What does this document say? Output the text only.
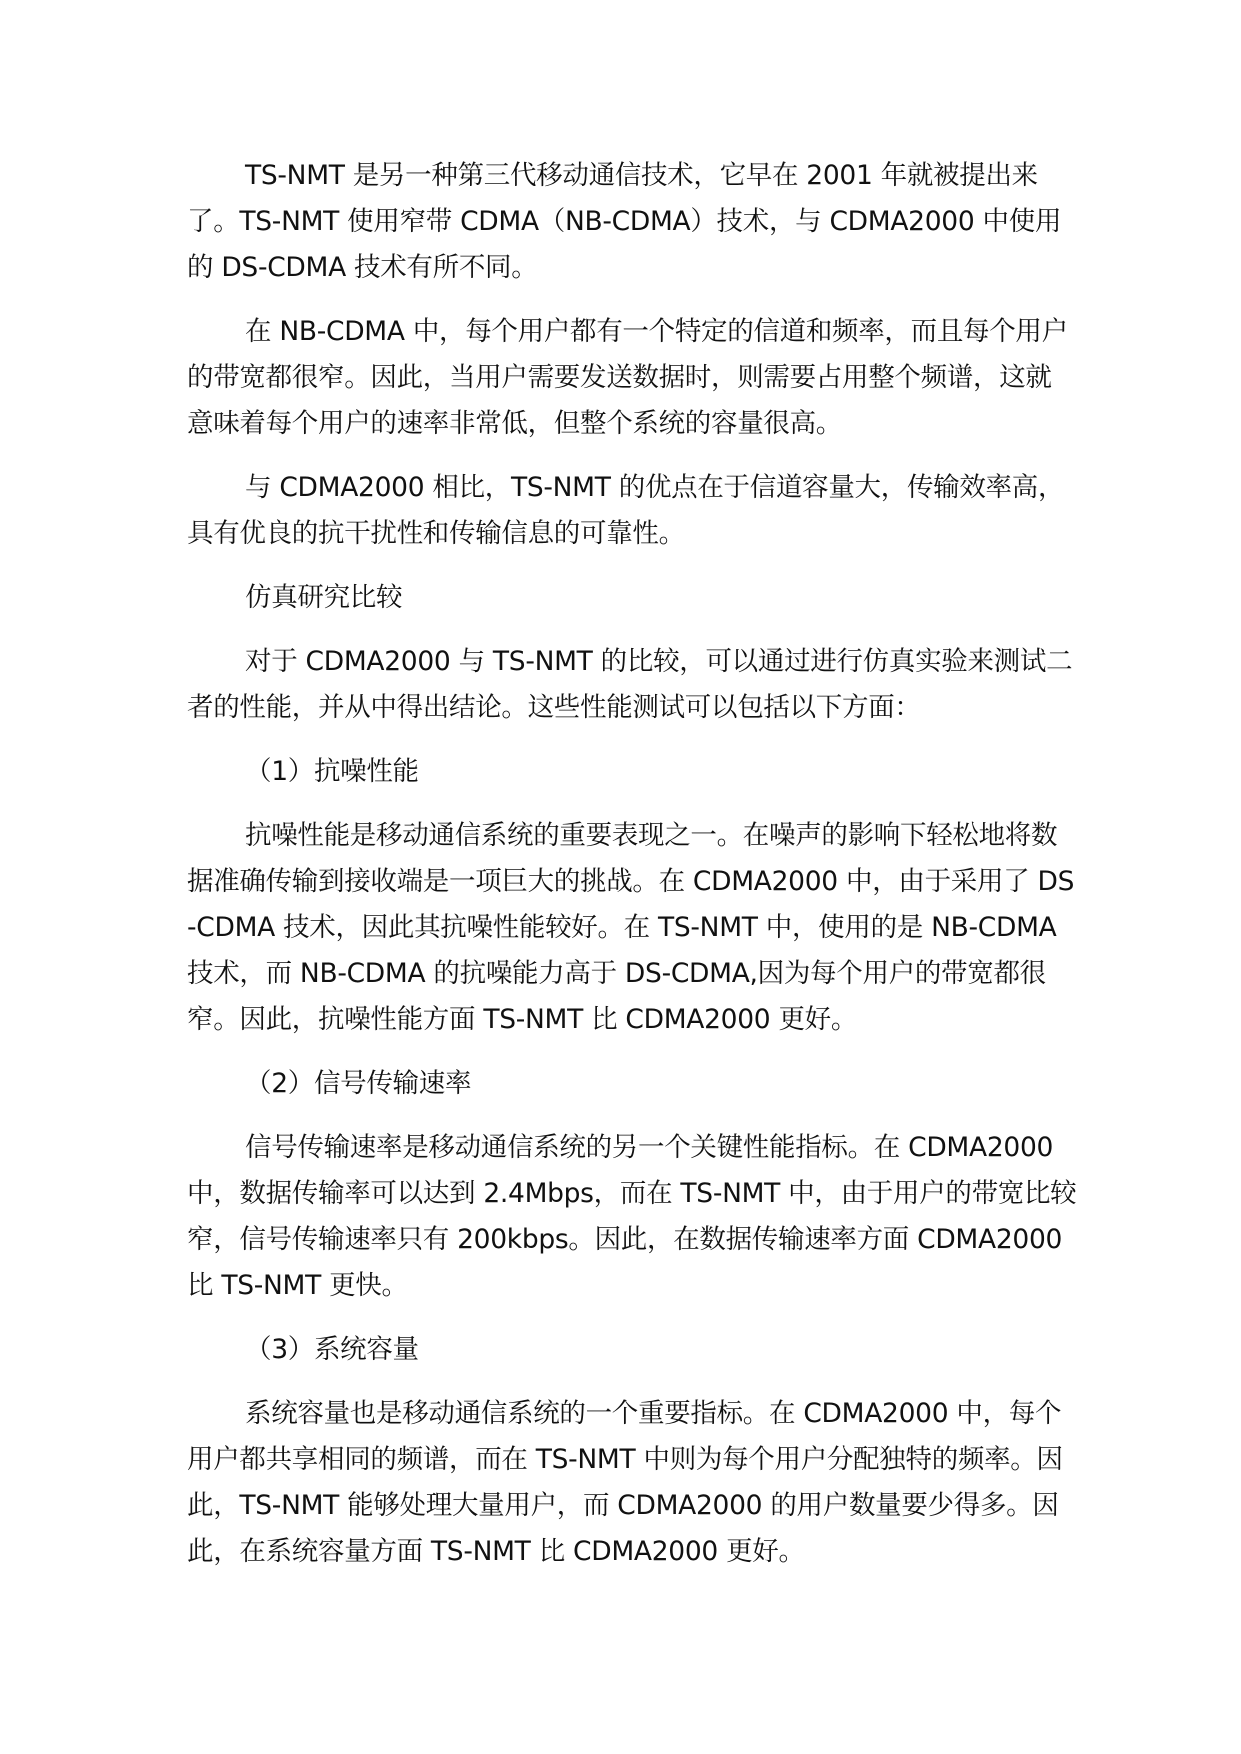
TS-NMT 是另一种第三代移动通信技术，它早在 2001 年就被提出来了。TS-NMT 使用窄带 CDMA（NB-CDMA）技术，与 CDMA2000 中使用的 DS-CDMA 技术有所不同。

在 NB-CDMA 中，每个用户都有一个特定的信道和频率，而且每个用户的带宽都很窄。因此，当用户需要发送数据时，则需要占用整个频谱，这就意味着每个用户的速率非常低，但整个系统的容量很高。

与 CDMA2000 相比，TS-NMT 的优点在于信道容量大，传输效率高，具有优良的抗干扰性和传输信息的可靠性。

仿真研究比较

对于 CDMA2000 与 TS-NMT 的比较，可以通过进行仿真实验来测试二者的性能，并从中得出结论。这些性能测试可以包括以下方面：

（1）抗噪性能

抗噪性能是移动通信系统的重要表现之一。在噪声的影响下轻松地将数据准确传输到接收端是一项巨大的挑战。在 CDMA2000 中，由于采用了 DS-CDMA 技术，因此其抗噪性能较好。在 TS-NMT 中，使用的是 NB-CDMA 技术，而 NB-CDMA 的抗噪能力高于 DS-CDMA,因为每个用户的带宽都很窄。因此，抗噪性能方面 TS-NMT 比 CDMA2000 更好。

（2）信号传输速率

信号传输速率是移动通信系统的另一个关键性能指标。在 CDMA2000 中，数据传输率可以达到 2.4Mbps，而在 TS-NMT 中，由于用户的带宽比较窄，信号传输速率只有 200kbps。因此，在数据传输速率方面 CDMA2000 比 TS-NMT 更快。

（3）系统容量

系统容量也是移动通信系统的一个重要指标。在 CDMA2000 中，每个用户都共享相同的频谱，而在 TS-NMT 中则为每个用户分配独特的频率。因此，TS-NMT 能够处理大量用户，而 CDMA2000 的用户数量要少得多。因此，在系统容量方面 TS-NMT 比 CDMA2000 更好。
